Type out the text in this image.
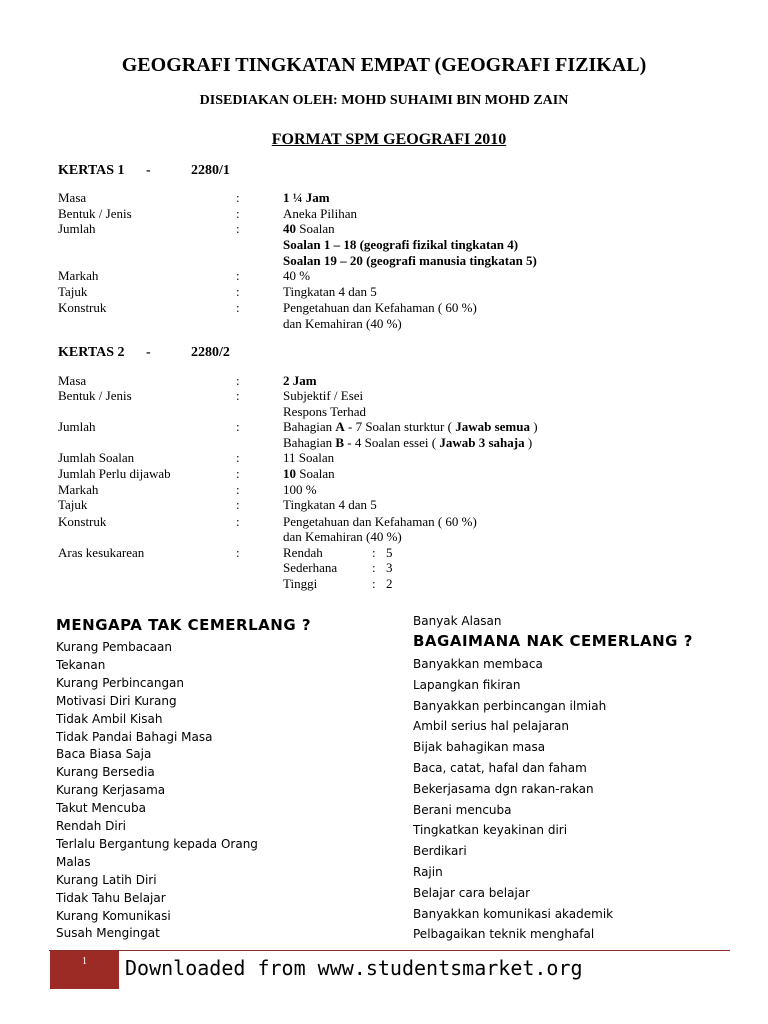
GEOGRAFI TINGKATAN EMPAT (GEOGRAFI FIZIKAL)
DISEDIAKAN OLEH: MOHD SUHAIMI BIN MOHD ZAIN
FORMAT SPM GEOGRAFI 2010
KERTAS 1 -	2280/1
Masa	:	1 ¼ Jam
Bentuk / Jenis	:	Aneka Pilihan
Jumlah	:	40 Soalan
Soalan 1 – 18 (geografi fizikal tingkatan 4)
Soalan 19 – 20 (geografi manusia tingkatan 5)
Markah	:	40 %
Tajuk	:	Tingkatan 4 dan 5
Konstruk	:	Pengetahuan dan Kefahaman ( 60 %)
dan Kemahiran (40 %)
KERTAS 2 -	2280/2
Masa	:	2 Jam
Bentuk / Jenis	:	Subjektif / Esei
Respons Terhad
Jumlah	:	Bahagian A - 7 Soalan sturktur ( Jawab semua )
Bahagian B - 4 Soalan essei ( Jawab 3 sahaja )
Jumlah Soalan	:	11 Soalan
Jumlah Perlu dijawab	:	10 Soalan
Markah	:	100 %
Tajuk	:	Tingkatan 4 dan 5
Konstruk	:	Pengetahuan dan Kefahaman ( 60 %)
dan Kemahiran (40 %)
Aras kesukarean	:	Rendah	: 5
Sederhana	: 3
Tinggi	: 2
MENGAPA TAK CEMERLANG ?
Kurang Pembacaan
Tekanan
Kurang Perbincangan
Motivasi Diri Kurang
Tidak Ambil Kisah
Tidak Pandai Bahagi Masa
Baca Biasa Saja
Kurang Bersedia
Kurang Kerjasama
Takut Mencuba
Rendah Diri
Terlalu Bergantung kepada Orang
Malas
Kurang Latih Diri
Tidak Tahu Belajar
Kurang Komunikasi
Susah Mengingat
Banyak Alasan
BAGAIMANA NAK CEMERLANG ?
Banyakkan membaca
Lapangkan fikiran
Banyakkan perbincangan ilmiah
Ambil serius hal pelajaran
Bijak bahagikan masa
Baca, catat, hafal dan faham
Bekerjasama dgn rakan-rakan
Berani mencuba
Tingkatkan keyakinan diri
Berdikari
Rajin
Belajar cara belajar
Banyakkan komunikasi akademik
Pelbagaikan teknik menghafal
1	Downloaded from www.studentsmarket.org
